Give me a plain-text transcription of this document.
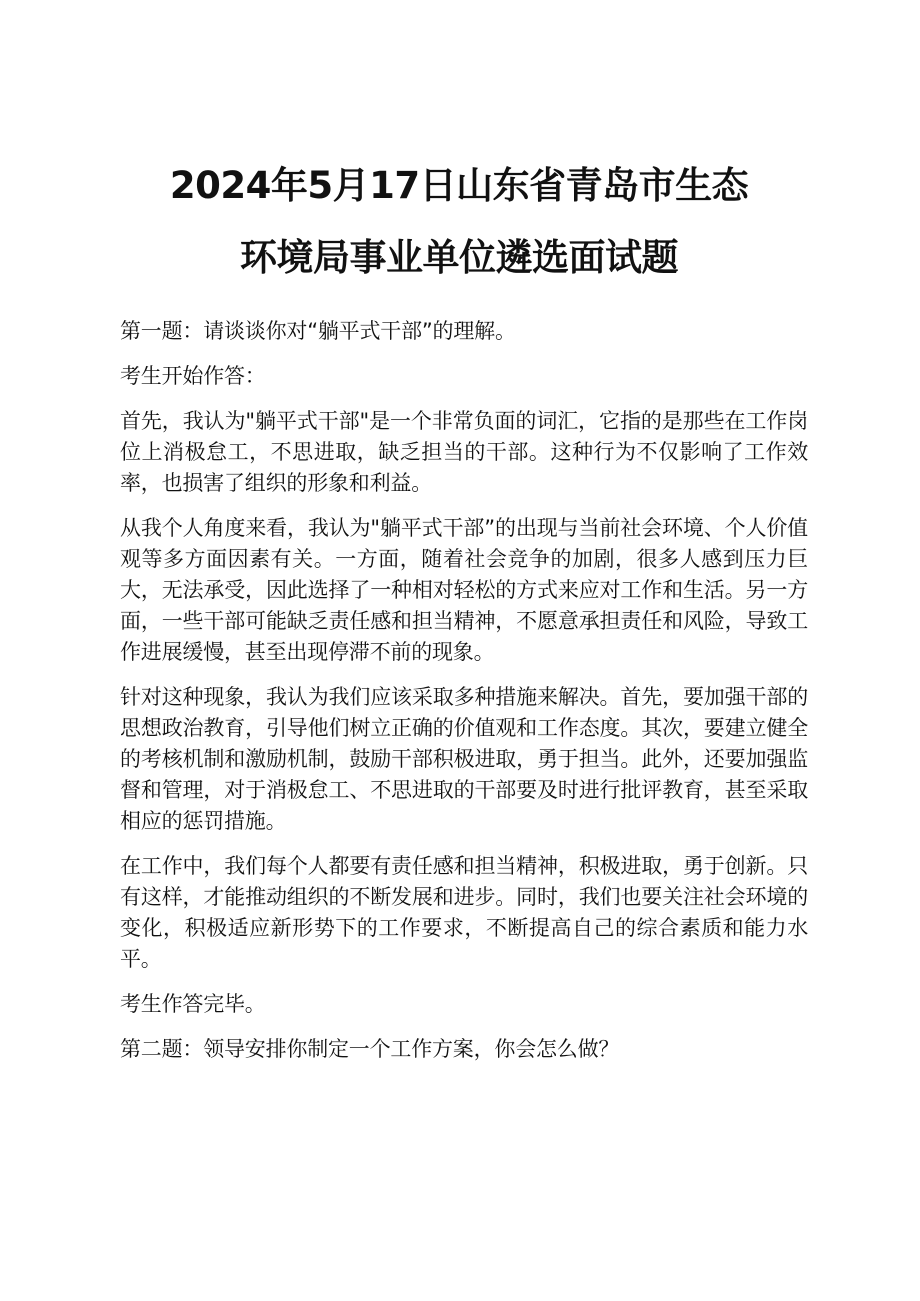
2024年5月17日山东省青岛市生态
环境局事业单位遴选面试题

第一题：请谈谈你对“躺平式干部”的理解。

考生开始作答：

首先，我认为"躺平式干部"是一个非常负面的词汇，它指的是那些在工作岗位上消极怠工，不思进取，缺乏担当的干部。这种行为不仅影响了工作效率，也损害了组织的形象和利益。

从我个人角度来看，我认为"躺平式干部”的出现与当前社会环境、个人价值观等多方面因素有关。一方面，随着社会竞争的加剧，很多人感到压力巨大，无法承受，因此选择了一种相对轻松的方式来应对工作和生活。另一方面，一些干部可能缺乏责任感和担当精神，不愿意承担责任和风险，导致工作进展缓慢，甚至出现停滞不前的现象。

针对这种现象，我认为我们应该采取多种措施来解决。首先，要加强干部的思想政治教育，引导他们树立正确的价值观和工作态度。其次，要建立健全的考核机制和激励机制，鼓励干部积极进取，勇于担当。此外，还要加强监督和管理，对于消极怠工、不思进取的干部要及时进行批评教育，甚至采取相应的惩罚措施。

在工作中，我们每个人都要有责任感和担当精神，积极进取，勇于创新。只有这样，才能推动组织的不断发展和进步。同时，我们也要关注社会环境的变化，积极适应新形势下的工作要求，不断提高自己的综合素质和能力水平。

考生作答完毕。

第二题：领导安排你制定一个工作方案，你会怎么做？
